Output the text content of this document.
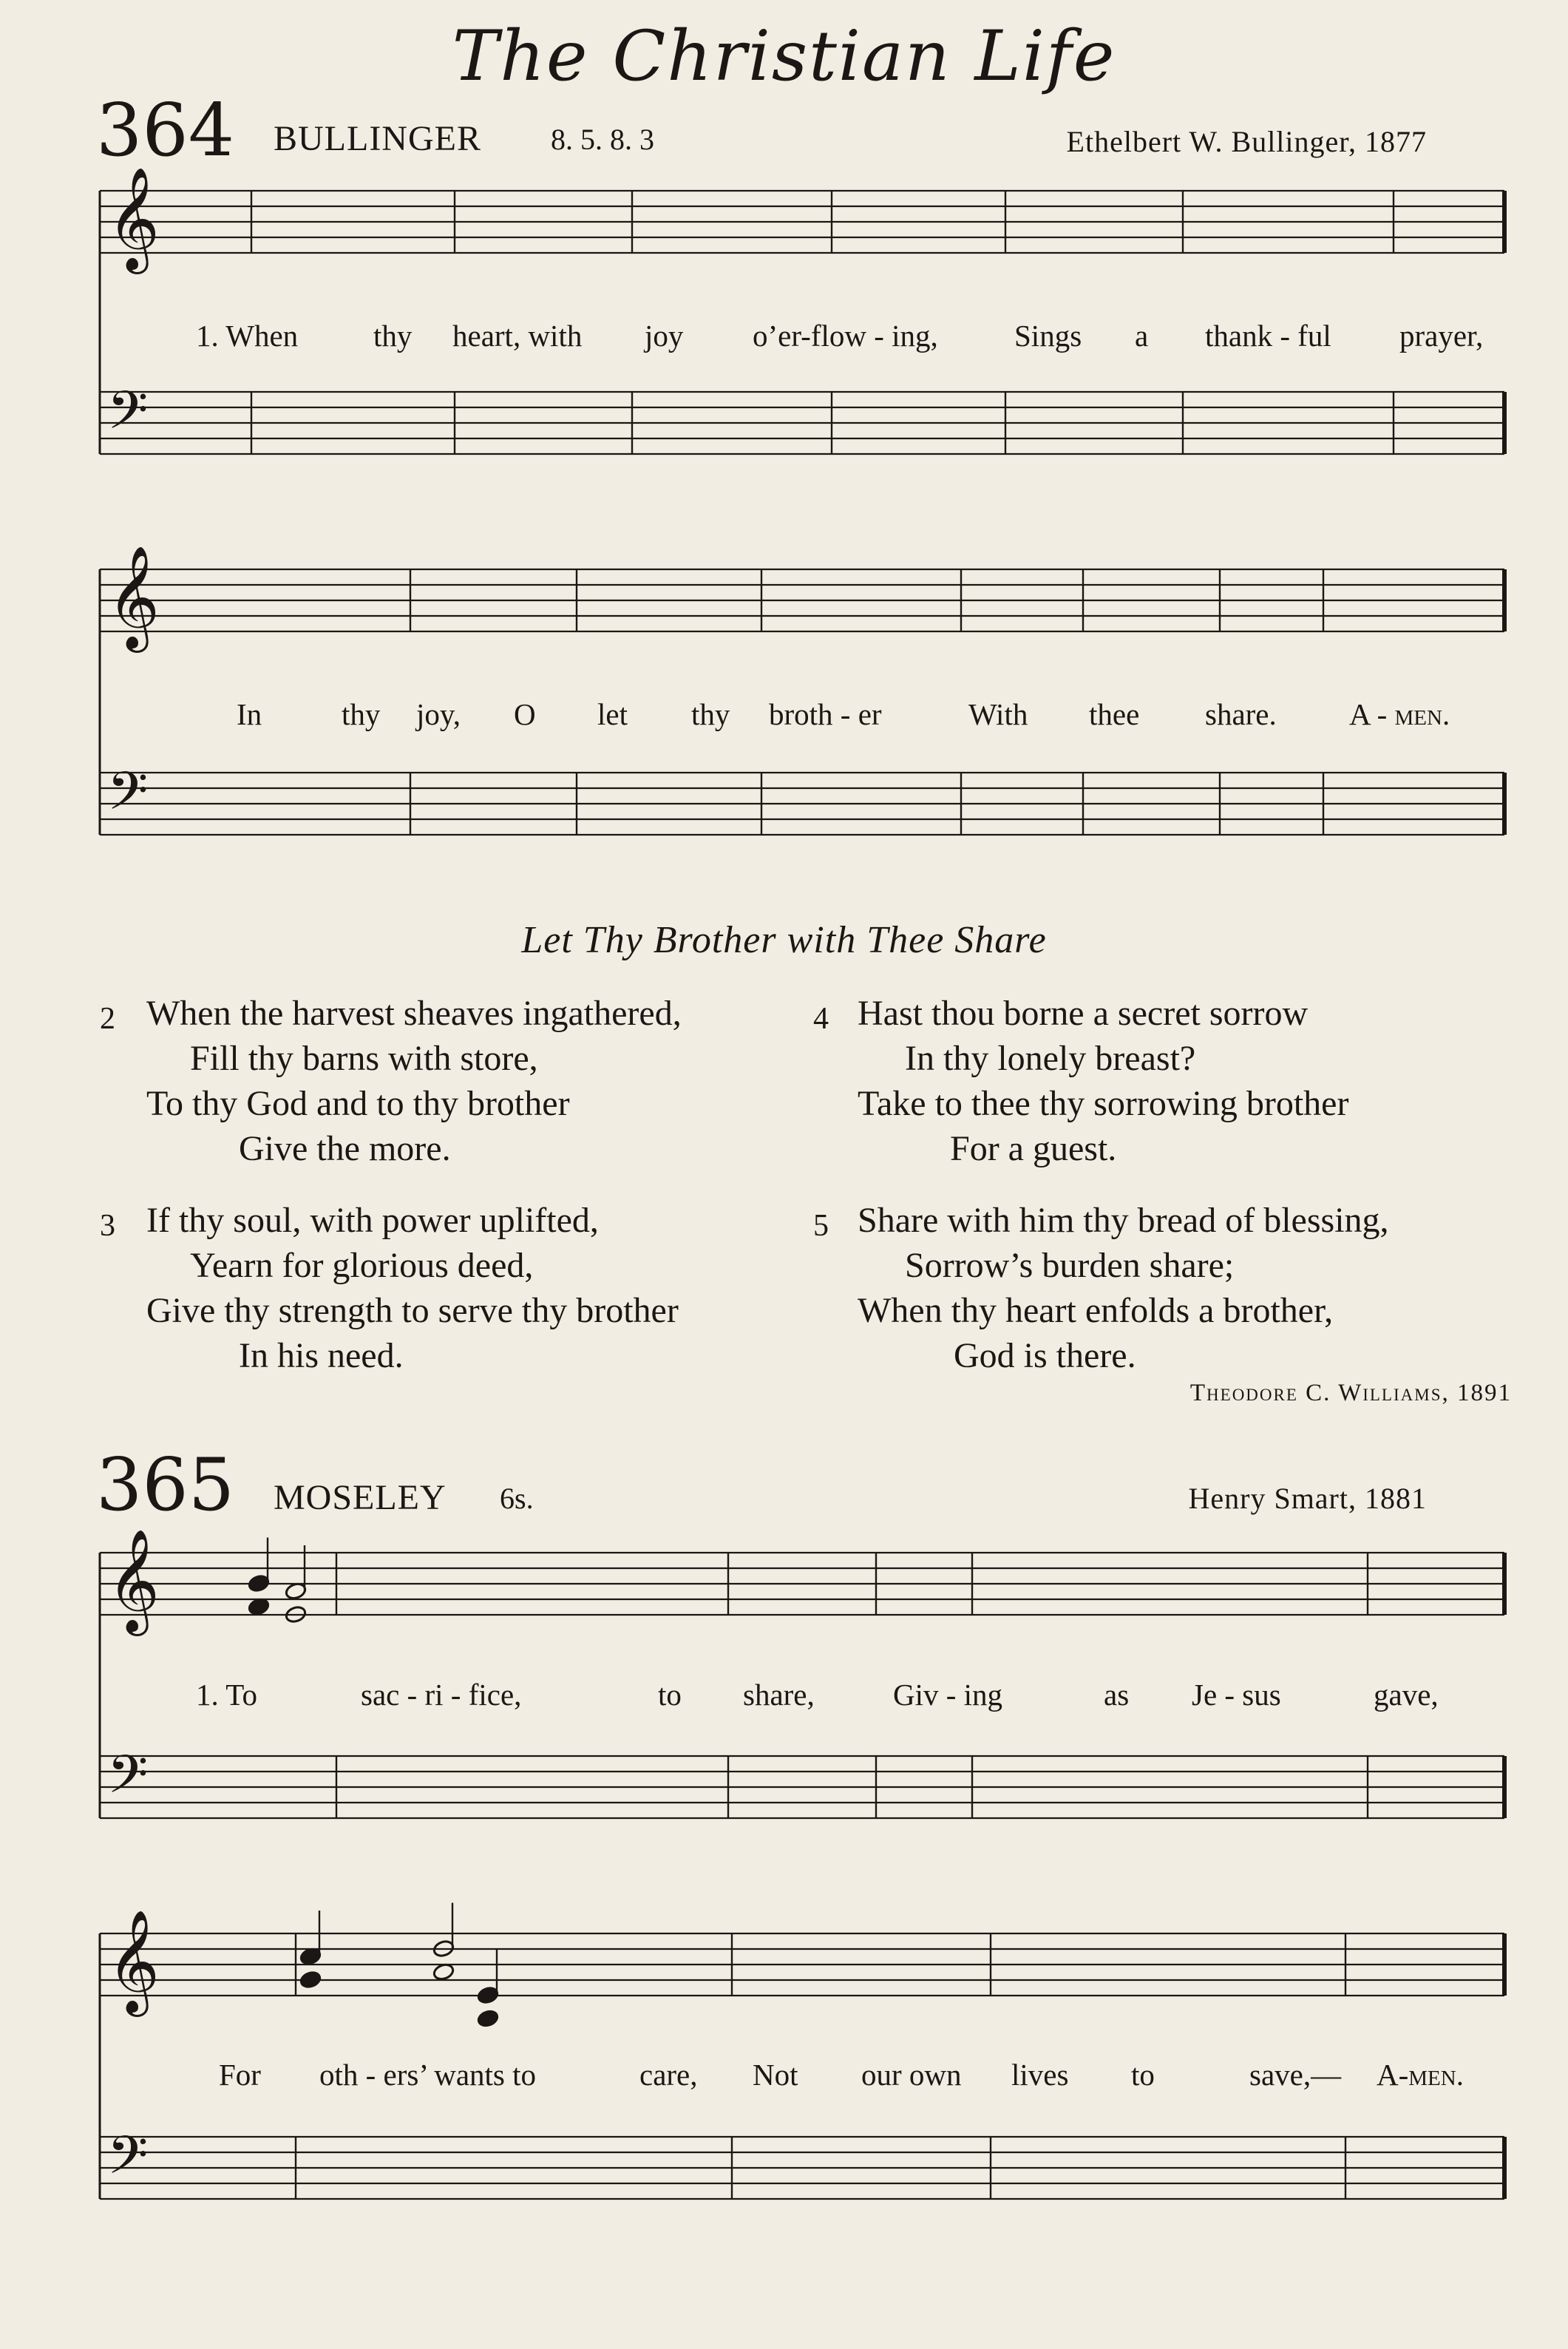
The Christian Life
364 BULLINGER 8. 5. 8. 3	Ethelbert W. Bullinger, 1877
𝄞
𝄢
𝄞
𝄢
𝄞
𝄢
𝄞
𝄢
1. When thy heart, with joy o’er-flow - ing,	Sings a thank - ful prayer,
In	thy joy, O let thy broth - er	With thee share. A - men.
Let Thy Brother with Thee Share
2 When the harvest sheaves ingathered,
Fill thy barns with store,
To thy God and to thy brother
Give the more.
3 If thy soul, with power uplifted,
Yearn for glorious deed,
Give thy strength to serve thy brother
In his need.
4 Hast thou borne a secret sorrow
In thy lonely breast?
Take to thee thy sorrowing brother
For a guest.
5 Share with him thy bread of blessing,
Sorrow’s burden share;
When thy heart enfolds a brother,
God is there.
Theodore C. Williams, 1891
365 MOSELEY 6s.	Henry Smart, 1881
1. To	sac - ri - fice,	to share,	Giv - ing	as Je - sus	gave,
For oth - ers’ wants to	care, Not our own lives to	save,— A-men.
